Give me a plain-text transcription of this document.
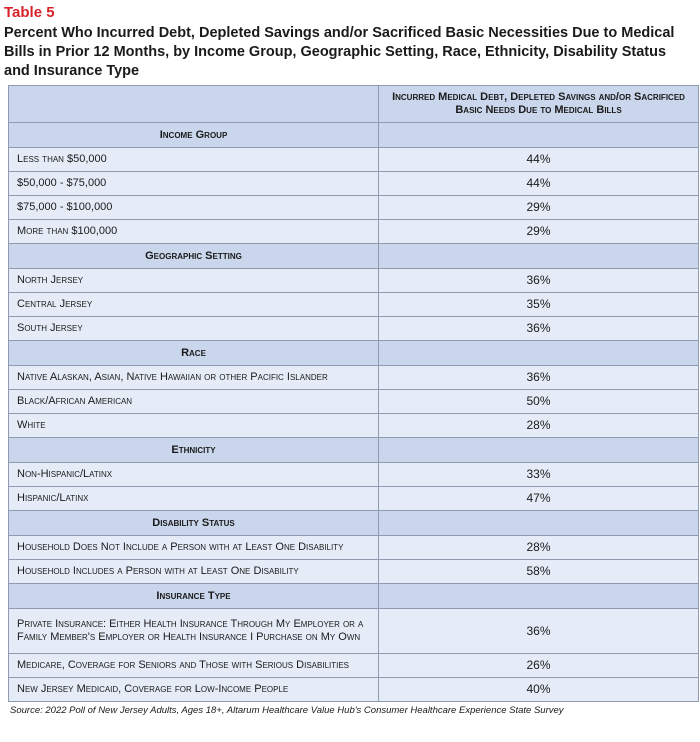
Table 5
Percent Who Incurred Debt, Depleted Savings and/or Sacrificed Basic Necessities Due to Medical Bills in Prior 12 Months, by Income Group, Geographic Setting, Race, Ethnicity, Disability Status and Insurance Type
	Incurred Medical Debt, Depleted Savings and/or Sacrificed Basic Needs Due to Medical Bills
Income Group	
Less than $50,000	44%
$50,000 - $75,000	44%
$75,000 - $100,000	29%
More than $100,000	29%
Geographic Setting	
North Jersey	36%
Central Jersey	35%
South Jersey	36%
Race	
Native Alaskan, Asian, Native Hawaiian or other Pacific Islander	36%
Black/African American	50%
White	28%
Ethnicity	
Non-Hispanic/Latinx	33%
Hispanic/Latinx	47%
Disability Status	
Household Does Not Include a Person with at Least One Disability	28%
Household Includes a Person with at Least One Disability	58%
Insurance Type	
Private Insurance: Either Health Insurance Through My Employer or a Family Member's Employer or Health Insurance I Purchase on My Own	36%
Medicare, Coverage for Seniors and Those with Serious Disabilities	26%
New Jersey Medicaid, Coverage for Low-Income People	40%
Source: 2022 Poll of New Jersey Adults, Ages 18+, Altarum Healthcare Value Hub's Consumer Healthcare Experience State Survey
